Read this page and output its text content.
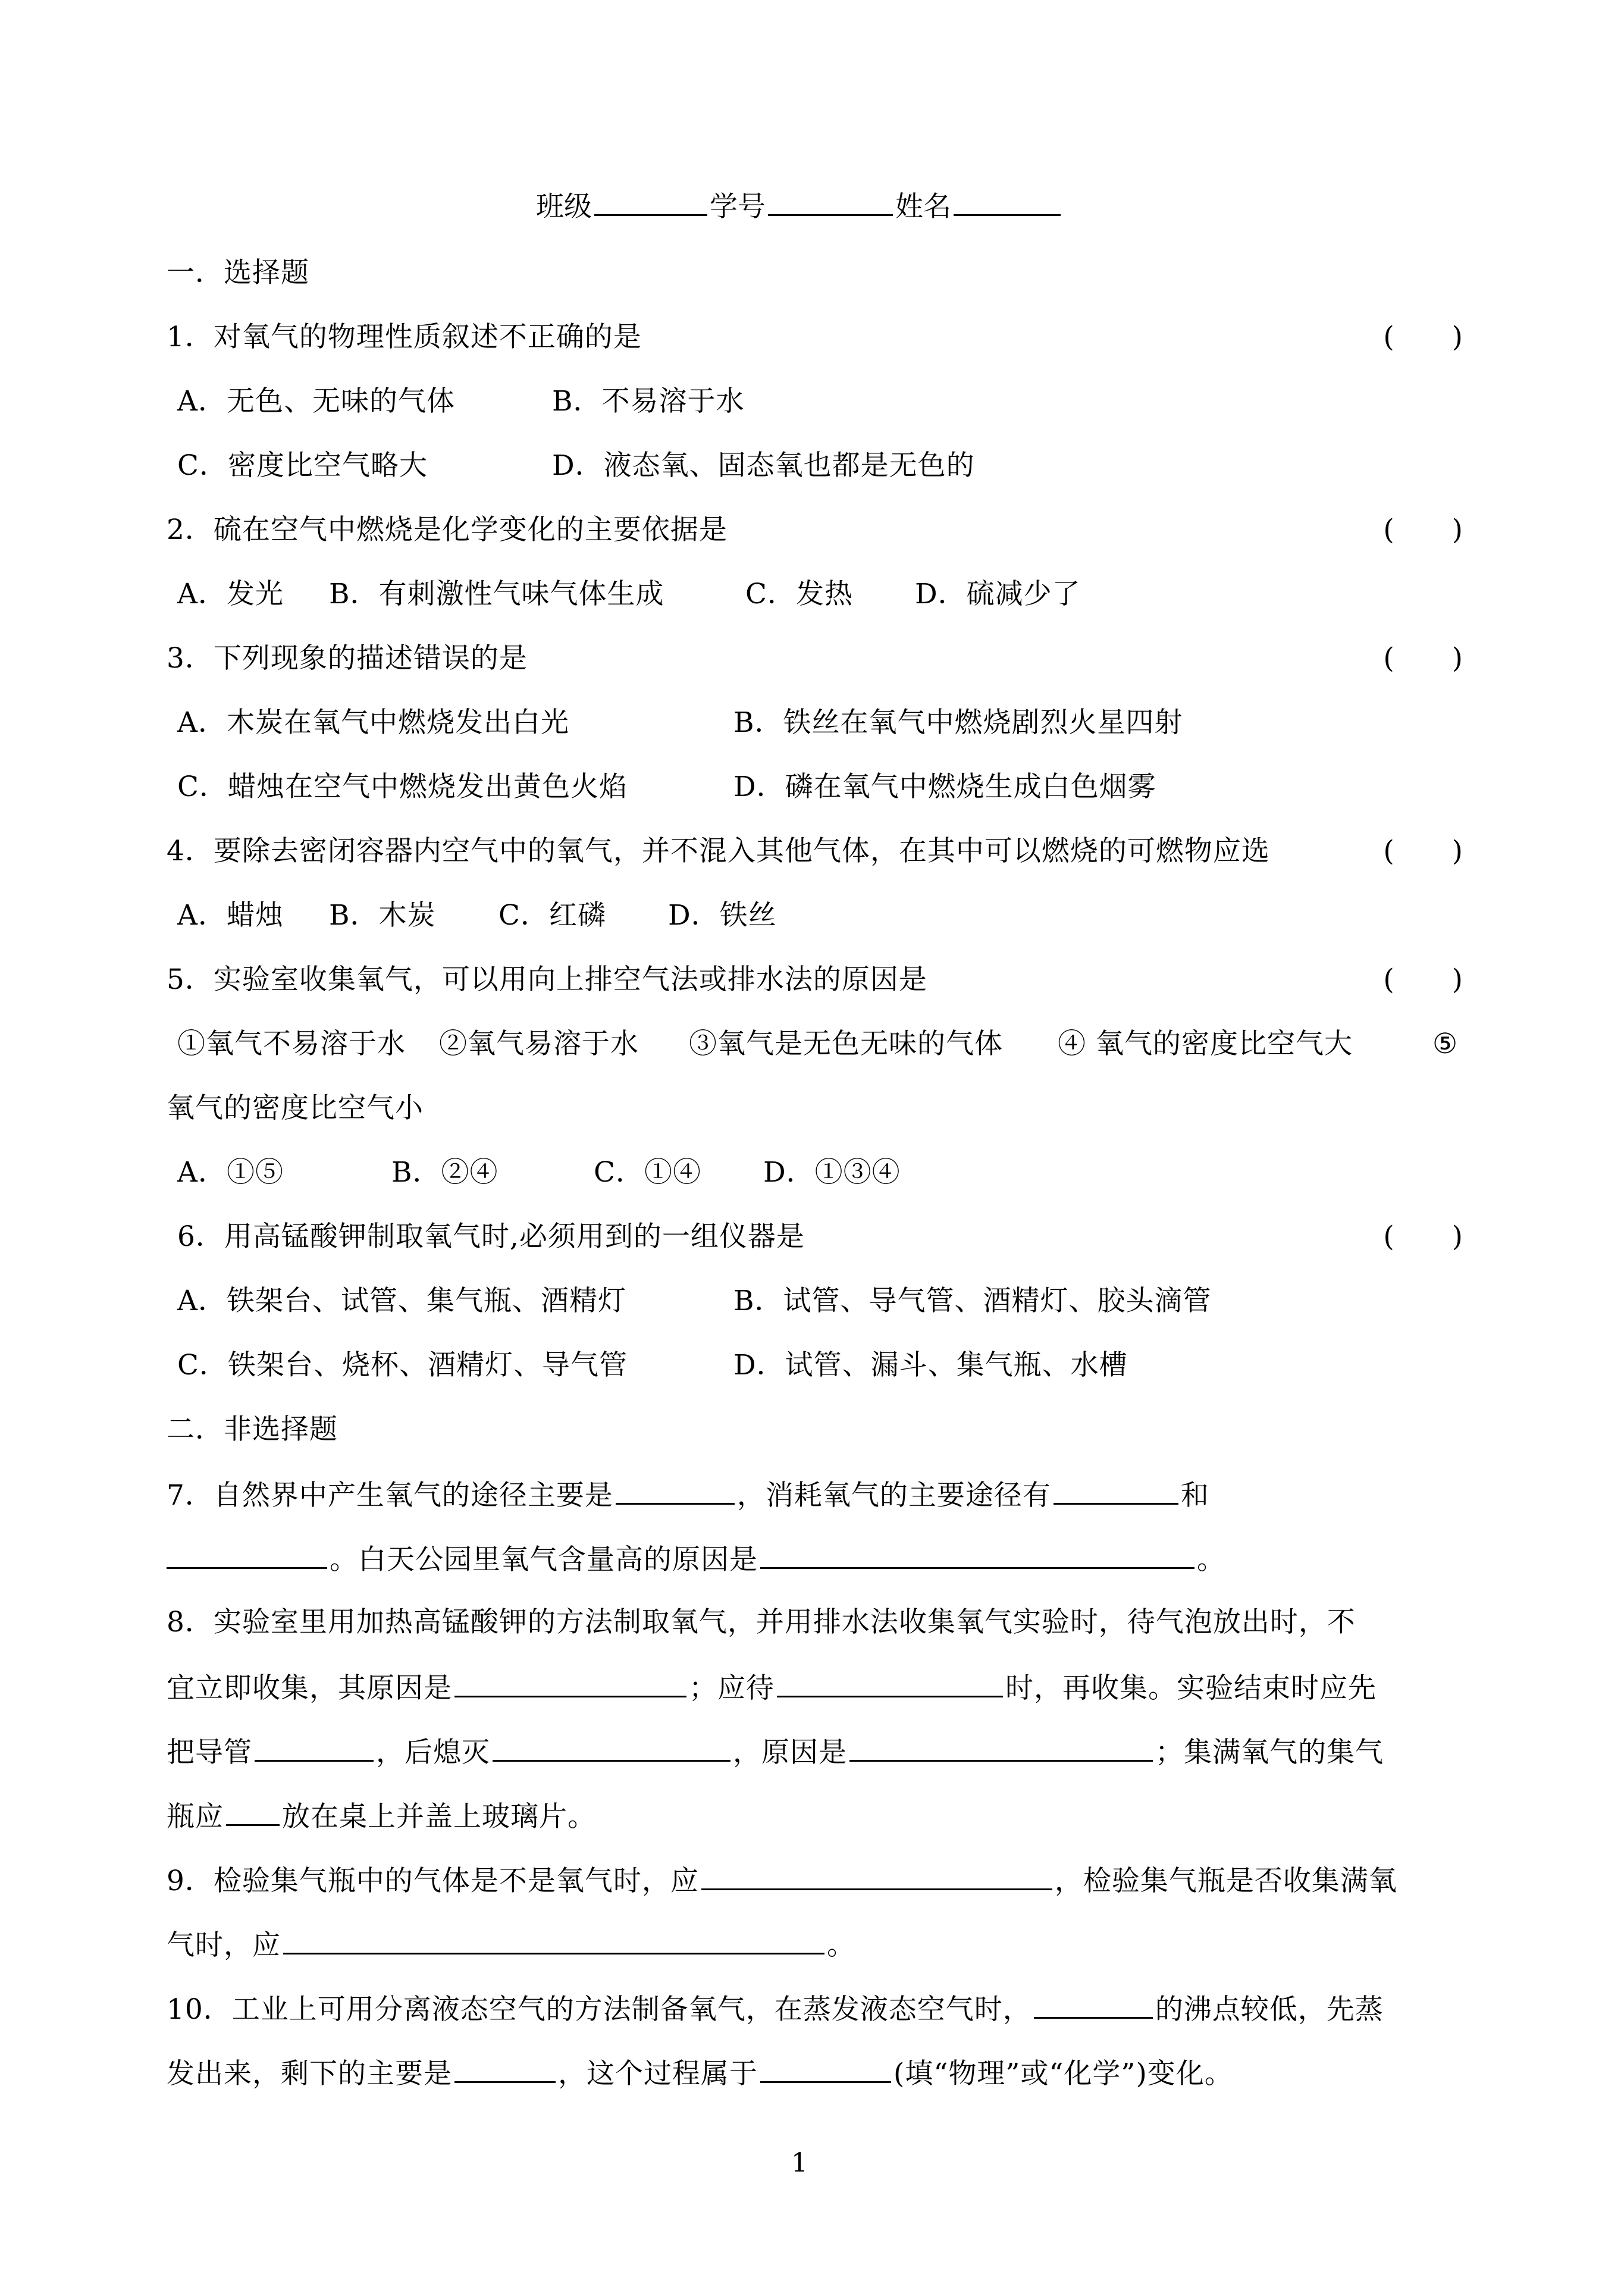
班级	学号	姓名
一．选择题
1．对氧气的物理性质叙述不正确的是	(　　)
A．无色、无味的气体	B．不易溶于水
C．密度比空气略大	D．液态氧、固态氧也都是无色的
2．硫在空气中燃烧是化学变化的主要依据是	(　　)
A．发光 B．有刺激性气味气体生成	C．发热 D．硫减少了
3．下列现象的描述错误的是	(　　)
A．木炭在氧气中燃烧发出白光	B．铁丝在氧气中燃烧剧烈火星四射
C．蜡烛在空气中燃烧发出黄色火焰	D．磷在氧气中燃烧生成白色烟雾
4．要除去密闭容器内空气中的氧气，并不混入其他气体，在其中可以燃烧的可燃物应选	(　　)
A．蜡烛 B．木炭 C．红磷 D．铁丝
5．实验室收集氧气，可以用向上排空气法或排水法的原因是	(　　)
①氧气不易溶于水 ②氧气易溶于水 ③氧气是无色无味的气体 ④ 氧气的密度比空气大	⑤
氧气的密度比空气小
A．①⑤	B．②④	C．①④ D．①③④
6．用高锰酸钾制取氧气时,必须用到的一组仪器是	(　　)
A．铁架台、试管、集气瓶、酒精灯	B．试管、导气管、酒精灯、胶头滴管
C．铁架台、烧杯、酒精灯、导气管	D．试管、漏斗、集气瓶、水槽
二．非选择题
7．自然界中产生氧气的途径主要是	，消耗氧气的主要途径有	和
。白天公园里氧气含量高的原因是	。
8．实验室里用加热高锰酸钾的方法制取氧气，并用排水法收集氧气实验时，待气泡放出时，不
宜立即收集，其原因是	；应待	时，再收集。实验结束时应先
把导管	，后熄灭	，原因是	；集满氧气的集气
瓶应 放在桌上并盖上玻璃片。
9．检验集气瓶中的气体是不是氧气时，应	，检验集气瓶是否收集满氧
气时，应	。
10．工业上可用分离液态空气的方法制备氧气，在蒸发液态空气时，	的沸点较低，先蒸
发出来，剩下的主要是	，这个过程属于	(填“物理”或“化学”)变化。
1
